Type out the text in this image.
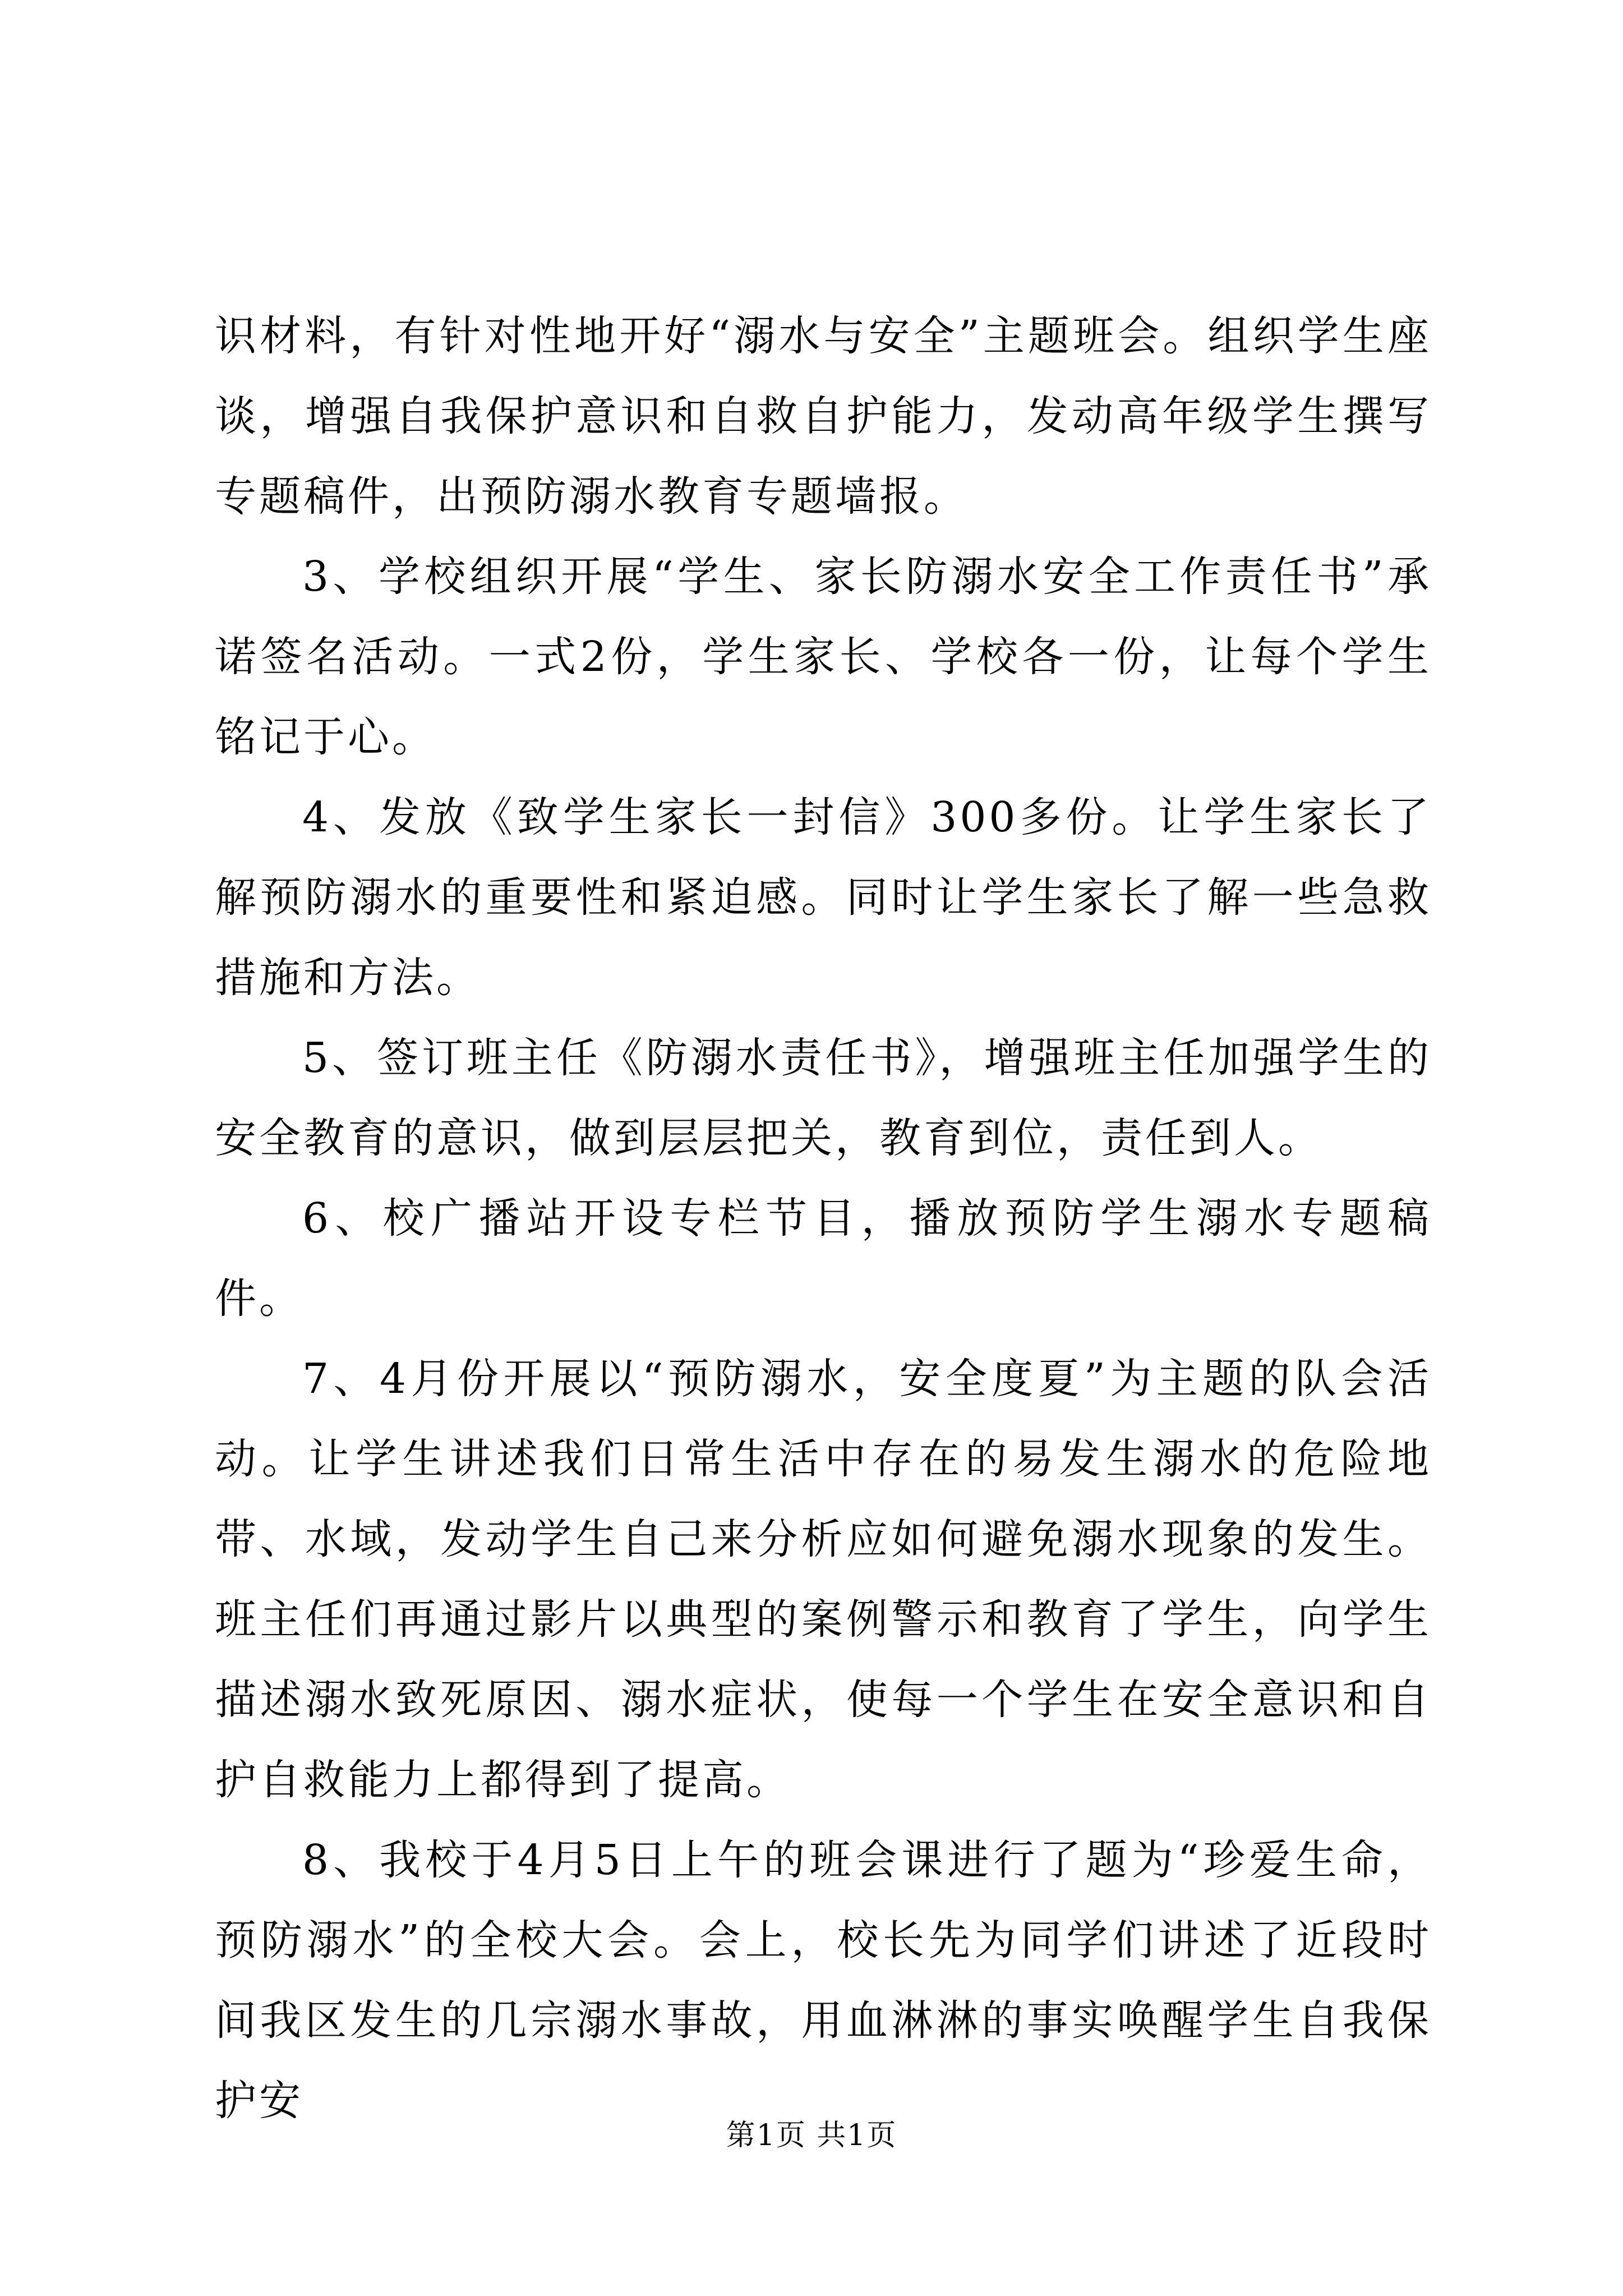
识材料，有针对性地开好“溺水与安全”主题班会。组织学生座谈，增强自我保护意识和自救自护能力，发动高年级学生撰写专题稿件，出预防溺水教育专题墙报。

3、学校组织开展“学生、家长防溺水安全工作责任书”承诺签名活动。一式2份，学生家长、学校各一份，让每个学生铭记于心。

4、发放《致学生家长一封信》300多份。让学生家长了解预防溺水的重要性和紧迫感。同时让学生家长了解一些急救措施和方法。

5、签订班主任《防溺水责任书》，增强班主任加强学生的安全教育的意识，做到层层把关，教育到位，责任到人。

6、校广播站开设专栏节目，播放预防学生溺水专题稿件。

7、4月份开展以“预防溺水，安全度夏”为主题的队会活动。让学生讲述我们日常生活中存在的易发生溺水的危险地带、水域，发动学生自己来分析应如何避免溺水现象的发生。班主任们再通过影片以典型的案例警示和教育了学生，向学生描述溺水致死原因、溺水症状，使每一个学生在安全意识和自护自救能力上都得到了提高。

8、我校于4月5日上午的班会课进行了题为“珍爱生命，预防溺水”的全校大会。会上，校长先为同学们讲述了近段时间我区发生的几宗溺水事故，用血淋淋的事实唤醒学生自我保护安

第1页 共1页
